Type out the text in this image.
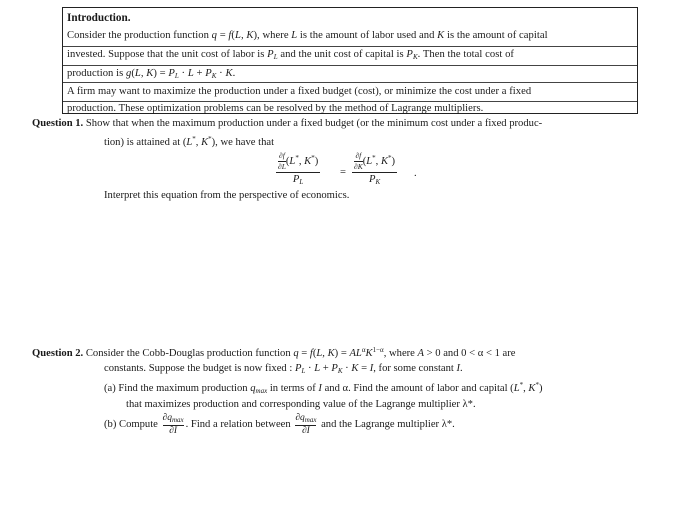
Introduction.
Consider the production function q = f(L, K), where L is the amount of labor used and K is the amount of capital
invested. Suppose that the unit cost of labor is $P_L$ and the unit cost of capital is $P_K$. Then the total cost of
production is g(L, $K) = P_L \cdot L + P_K \cdot K$.
A firm may want to maximize the production under a fixed budget (cost), or minimize the cost under a fixed
production. These optimization problems can be resolved by the method of Lagrange multipliers.
Question 1. Show that when the maximum production under a fixed budget (or the minimum cost under a fixed produc-
tion) is attained at (L*, K*), we have that
$\frac{\partial f}{\partial L}(L^*$, K*)
$P_L$
=
$\frac{\partial f}{\partial K}(L^*$, K*)
$P_K$
.
Interpret this equation from the perspective of economics.
Question 2. Consider the Cobb-Douglas production function q = f(L, $K) = AL^\alpha K^{1-\alpha}$, where A > 0 and 0 < α < 1 are
constants. Suppose the budget is now fixed : $P_L \cdot L + P_K \cdot K = I$, for some constant I.
(a) Find the maximum production $q_{max}$ in terms of I and α. Find the amount of labor and capital (L*, K*)
that maximizes production and corresponding value of the Lagrange multiplier λ*.
(b) Compute $\frac{\partial q_{max}}{\partial I}$ . Find a relation between $\frac{\partial q_{max}}{\partial I}$ and the Lagrange multiplier λ*.
